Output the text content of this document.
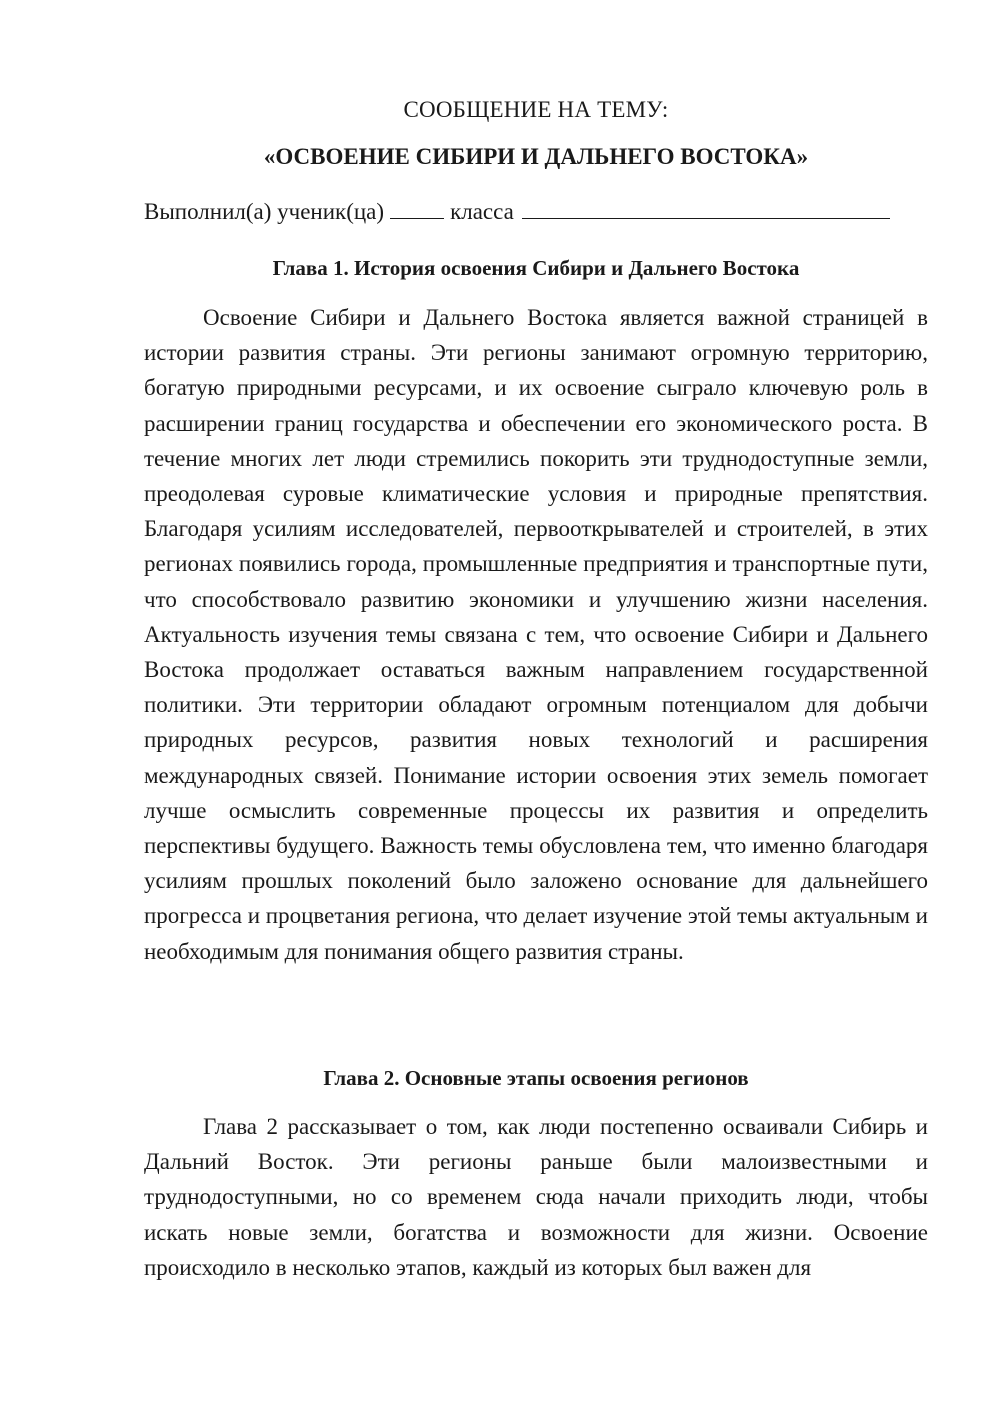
СООБЩЕНИЕ НА ТЕМУ:
«ОСВОЕНИЕ СИБИРИ И ДАЛЬНЕГО ВОСТОКА»
Выполнил(а) ученик(ца)	класса
Глава 1. История освоения Сибири и Дальнего Востока

Освоение Сибири и Дальнего Востока является важной страницей в истории развития страны. Эти регионы занимают огромную территорию, богатую природными ресурсами, и их освоение сыграло ключевую роль в расширении границ государства и обеспечении его экономического роста. В течение многих лет люди стремились покорить эти труднодоступные земли, преодолевая суровые климатические условия и природные препятствия. Благодаря усилиям исследователей, первооткрывателей и строителей, в этих регионах появились города, промышленные предприятия и транспортные пути, что способствовало развитию экономики и улучшению жизни населения. Актуальность изучения темы связана с тем, что освоение Сибири и Дальнего Востока продолжает оставаться важным направлением государственной политики. Эти территории обладают огромным потенциалом для добычи природных ресурсов, развития новых технологий и расширения международных связей. Понимание истории освоения этих земель помогает лучше осмыслить современные процессы их развития и определить перспективы будущего. Важность темы обусловлена тем, что именно благодаря усилиям прошлых поколений было заложено основание для дальнейшего прогресса и процветания региона, что делает изучение этой темы актуальным и необходимым для понимания общего развития страны.

Глава 2. Основные этапы освоения регионов

Глава 2 рассказывает о том, как люди постепенно осваивали Сибирь и Дальний Восток. Эти регионы раньше были малоизвестными и труднодоступными, но со временем сюда начали приходить люди, чтобы искать новые земли, богатства и возможности для жизни. Освоение происходило в несколько этапов, каждый из которых был важен для
